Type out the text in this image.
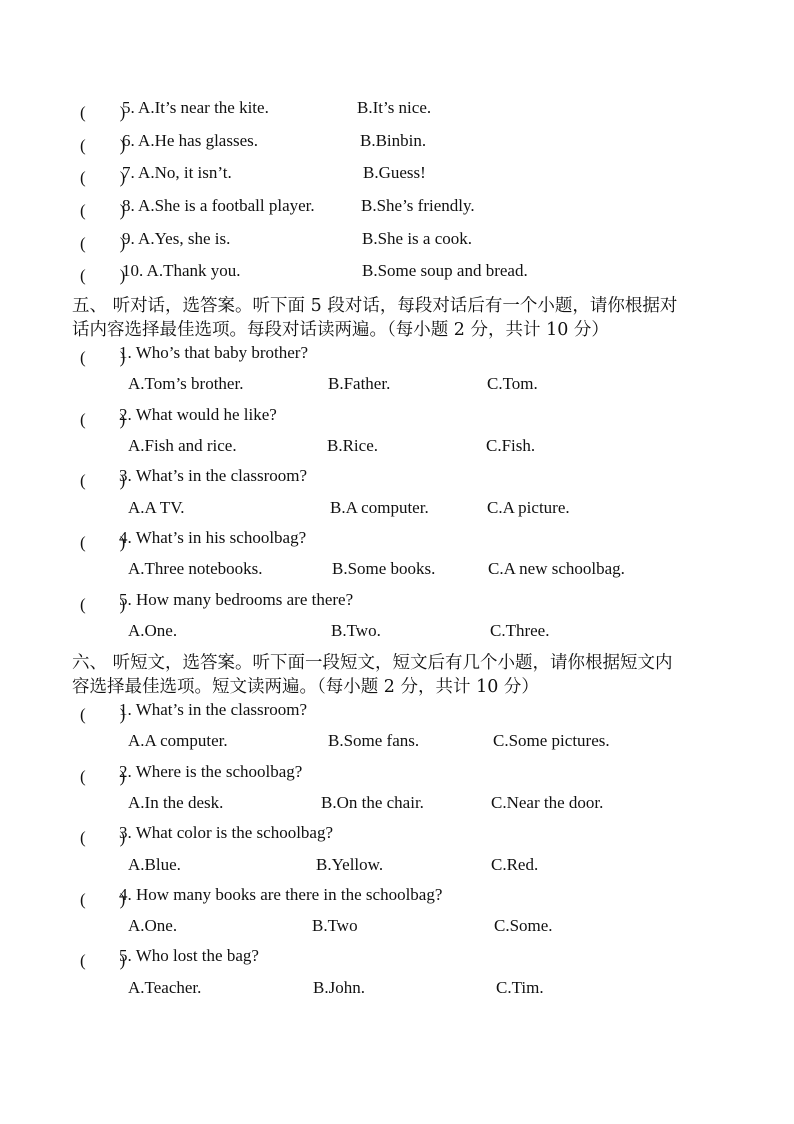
(　　)
5. A.It’s near the kite.	B.It’s nice.
(　　)
6. A.He has glasses.	B.Binbin.
(　　)
7. A.No, it isn’t.	B.Guess!
(　　)
8. A.She is a football player.	B.She’s friendly.
(　　)
9. A.Yes, she is.	B.She is a cook.
(　　)
10. A.Thank you.	B.Some soup and bread.
五、 听对话，选答案。听下面 5 段对话，每段对话后有一个小题，请你根据对
话内容选择最佳选项。每段对话读两遍。（每小题 2 分，共计 10 分）
(　　)
1. Who’s that baby brother?
A.Tom’s brother.	B.Father.	C.Tom.
(　　)
2. What would he like?
A.Fish and rice.	B.Rice.	C.Fish.
(　　)
3. What’s in the classroom?
A.A TV.	B.A computer.	C.A picture.
(　　)
4. What’s in his schoolbag?
A.Three notebooks.	B.Some books.	C.A new schoolbag.
(　　)
5. How many bedrooms are there?
A.One.	B.Two.	C.Three.
六、 听短文，选答案。听下面一段短文，短文后有几个小题，请你根据短文内
容选择最佳选项。短文读两遍。（每小题 2 分，共计 10 分）
(　　)
1. What’s in the classroom?
A.A computer.	B.Some fans.	C.Some pictures.
(　　)
2. Where is the schoolbag?
A.In the desk.	B.On the chair.	C.Near the door.
(　　)
3. What color is the schoolbag?
A.Blue.	B.Yellow.	C.Red.
(　　)
4. How many books are there in the schoolbag?
A.One.	B.Two	C.Some.
(　　)
5. Who lost the bag?
A.Teacher.	B.John.	C.Tim.
